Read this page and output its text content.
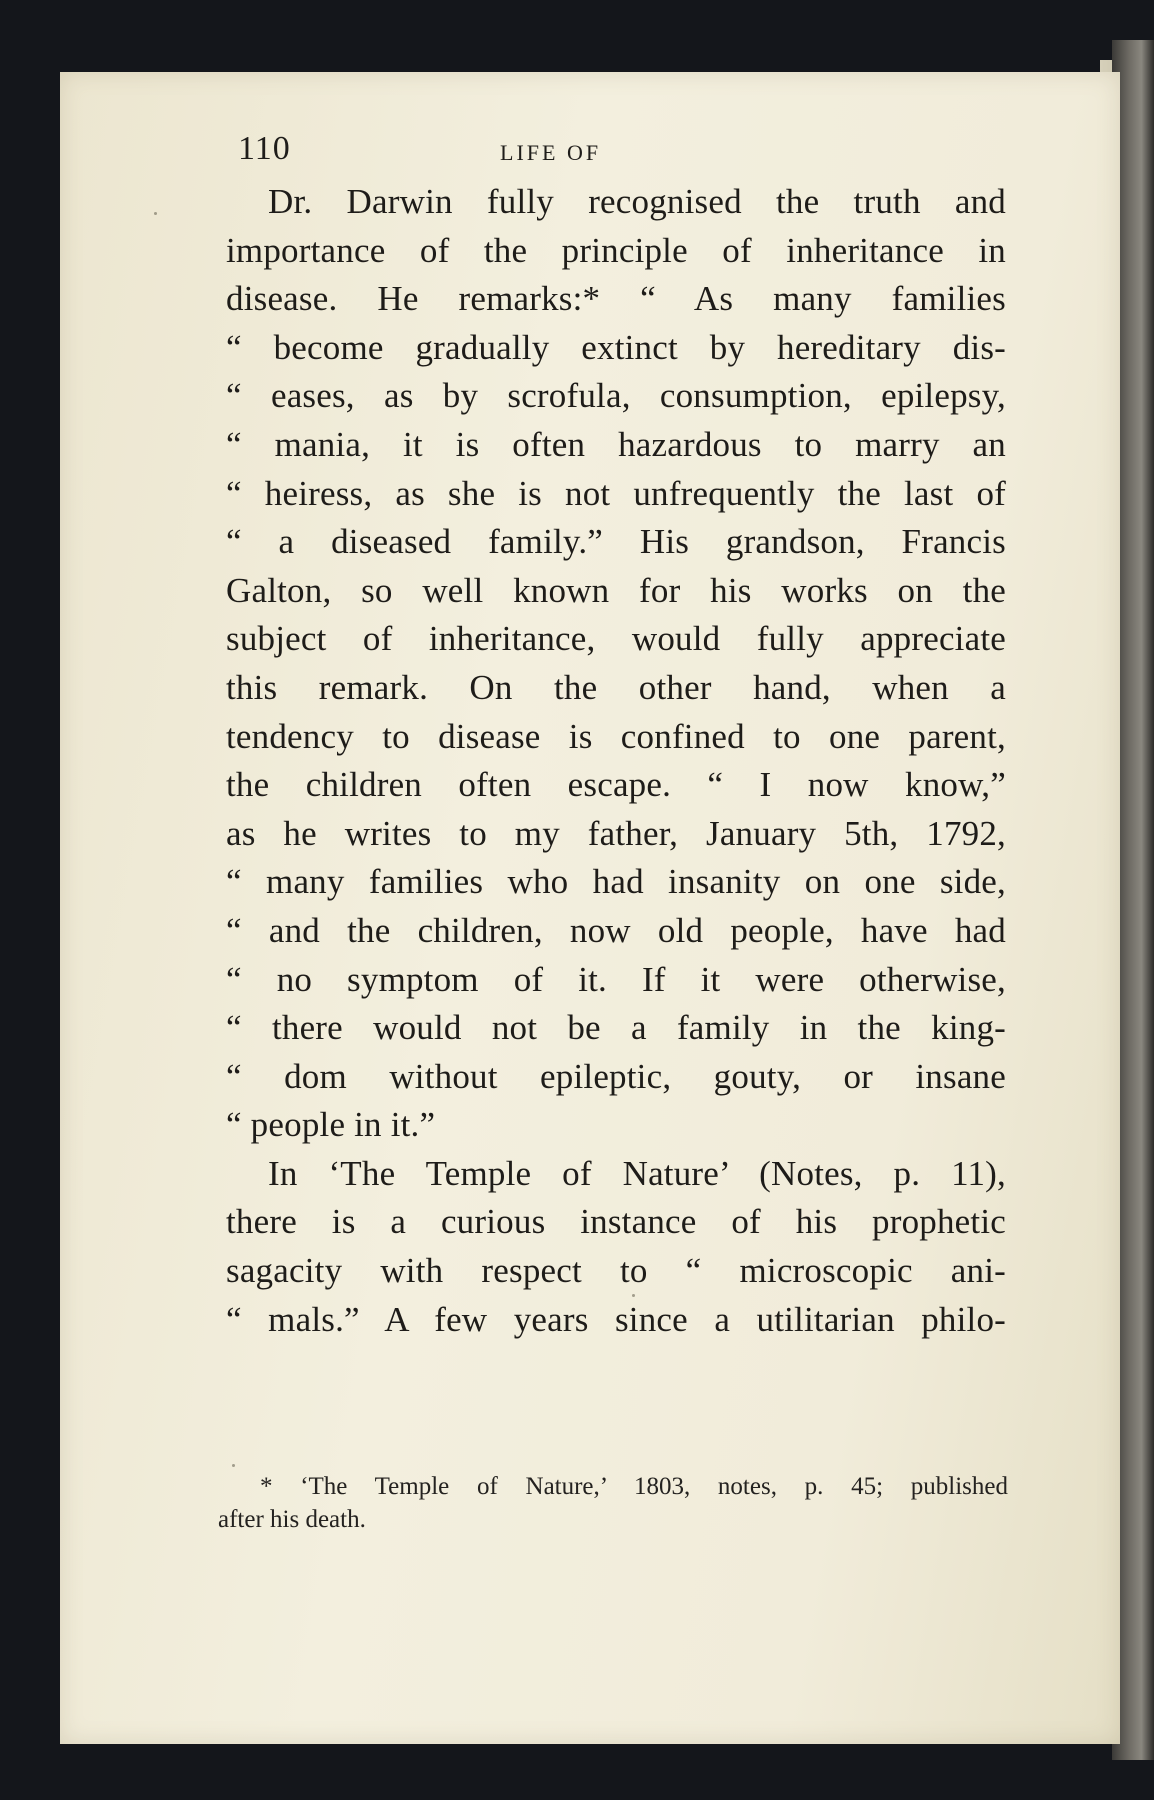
110	LIFE OF
Dr. Darwin fully recognised the truth and
importance of the principle of inheritance in
disease. He remarks:* “ As many families
“ become gradually extinct by hereditary dis-
“ eases, as by scrofula, consumption, epilepsy,
“ mania, it is often hazardous to marry an
“ heiress, as she is not unfrequently the last of
“ a diseased family.” His grandson, Francis
Galton, so well known for his works on the
subject of inheritance, would fully appreciate
this remark. On the other hand, when a
tendency to disease is confined to one parent,
the children often escape. “ I now know,”
as he writes to my father, January 5th, 1792,
“ many families who had insanity on one side,
“ and the children, now old people, have had
“ no symptom of it. If it were otherwise,
“ there would not be a family in the king-
“ dom without epileptic, gouty, or insane
“ people in it.”
In ‘The Temple of Nature’ (Notes, p. 11),
there is a curious instance of his prophetic
sagacity with respect to “ microscopic ani-
“ mals.” A few years since a utilitarian philo-
* ‘The Temple of Nature,’ 1803, notes, p. 45; published
after his death.
